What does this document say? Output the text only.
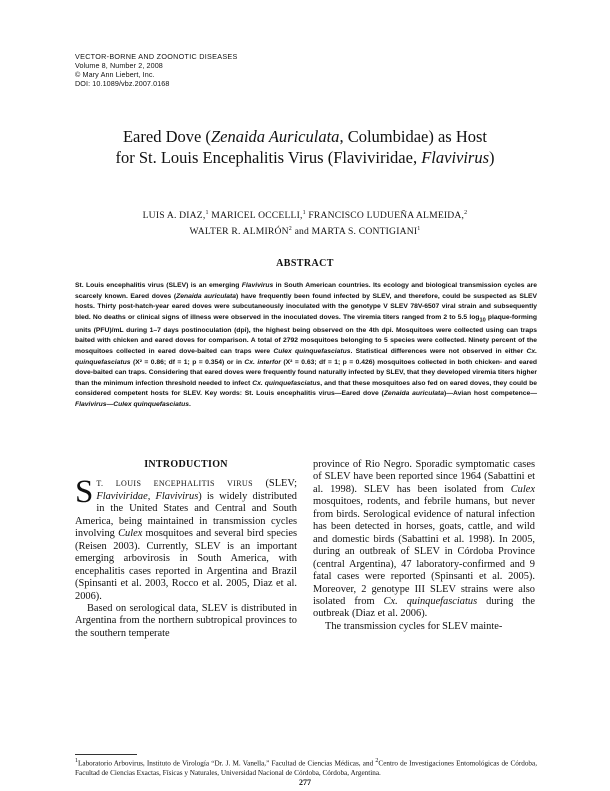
VECTOR-BORNE AND ZOONOTIC DISEASES
Volume 8, Number 2, 2008
© Mary Ann Liebert, Inc.
DOI: 10.1089/vbz.2007.0168
Eared Dove (Zenaida Auriculata, Columbidae) as Host
for St. Louis Encephalitis Virus (Flaviviridae, Flavivirus)
LUIS A. DIAZ,$^1$ MARICEL OCCELLI,$^1$ FRANCISCO LUDUEÑA ALMEIDA,$^2$
WALTER R. ALMIRÓN$^2$ and MARTA S. CONTIGIANI$^1$
ABSTRACT
St. Louis encephalitis virus (SLEV) is an emerging Flavivirus in South American countries. Its ecology and biological transmission cycles are scarcely known. Eared doves (Zenaida auriculata) have frequently been found infected by SLEV, and therefore, could be suspected as SLEV hosts. Thirty post-hatch-year eared doves were subcutaneously inoculated with the genotype V SLEV 78V-6507 viral strain and subsequently bled. No deaths or clinical signs of illness were observed in the inoculated doves. The viremia titers ranged from 2 to 5.5 $\log_{10}$ plaque-forming units (PFU)/mL during 1–7 days postinoculation (dpi), the highest being observed on the 4th dpi. Mosquitoes were collected using can traps baited with chicken and eared doves for comparison. A total of 2792 mosquitoes belonging to 5 species were collected. Ninety percent of the mosquitoes collected in eared dove-baited can traps were Culex quinquefasciatus. Statistical differences were not observed in either Cx. quinquefasciatus (X² = 0.86; df = 1; p = 0.354) or in Cx. interfor (X² = 0.63; df = 1; p = 0.426) mosquitoes collected in both chicken- and eared dove-baited can traps. Considering that eared doves were frequently found naturally infected by SLEV, that they developed viremia titers higher than the minimum infection threshold needed to infect Cx. quinquefasciatus, and that these mosquitoes also fed on eared doves, they could be considered competent hosts for SLEV. Key words: St. Louis encephalitis virus—Eared dove (Zenaida auriculata)—Avian host competence—Flavivirus—Culex quinquefasciatus.
INTRODUCTION

S T. LOUIS ENCEPHALITIS VIRUS (SLEV; Flaviviridae, Flavivirus) is widely distributed in the United States and Central and South America, being maintained in transmission cycles involving Culex mosquitoes and several bird species (Reisen 2003). Currently, SLEV is an important emerging arbovirosis in South America, with encephalitis cases reported in Argentina and Brazil (Spinsanti et al. 2003, Rocco et al. 2005, Diaz et al. 2006).

Based on serological data, SLEV is distributed in Argentina from the northern subtropical provinces to the southern temperate

province of Rio Negro. Sporadic symptomatic cases of SLEV have been reported since 1964 (Sabattini et al. 1998). SLEV has been isolated from Culex mosquitoes, rodents, and febrile humans, but never from birds. Serological evidence of natural infection has been detected in horses, goats, cattle, and wild and domestic birds (Sabattini et al. 1998). In 2005, during an outbreak of SLEV in Córdoba Province (central Argentina), 47 laboratory-confirmed and 9 fatal cases were reported (Spinsanti et al. 2005). Moreover, 2 genotype III SLEV strains were also isolated from Cx. quinquefasciatus during the outbreak (Diaz et al. 2006).

The transmission cycles for SLEV mainte-

$^1$Laboratorio Arbovirus, Instituto de Virología “Dr. J. M. Vanella,” Facultad de Ciencias Médicas, and $^2$Centro de Investigaciones Entomológicas de Córdoba, Facultad de Ciencias Exactas, Físicas y Naturales, Universidad Nacional de Córdoba, Córdoba, Argentina.
277
